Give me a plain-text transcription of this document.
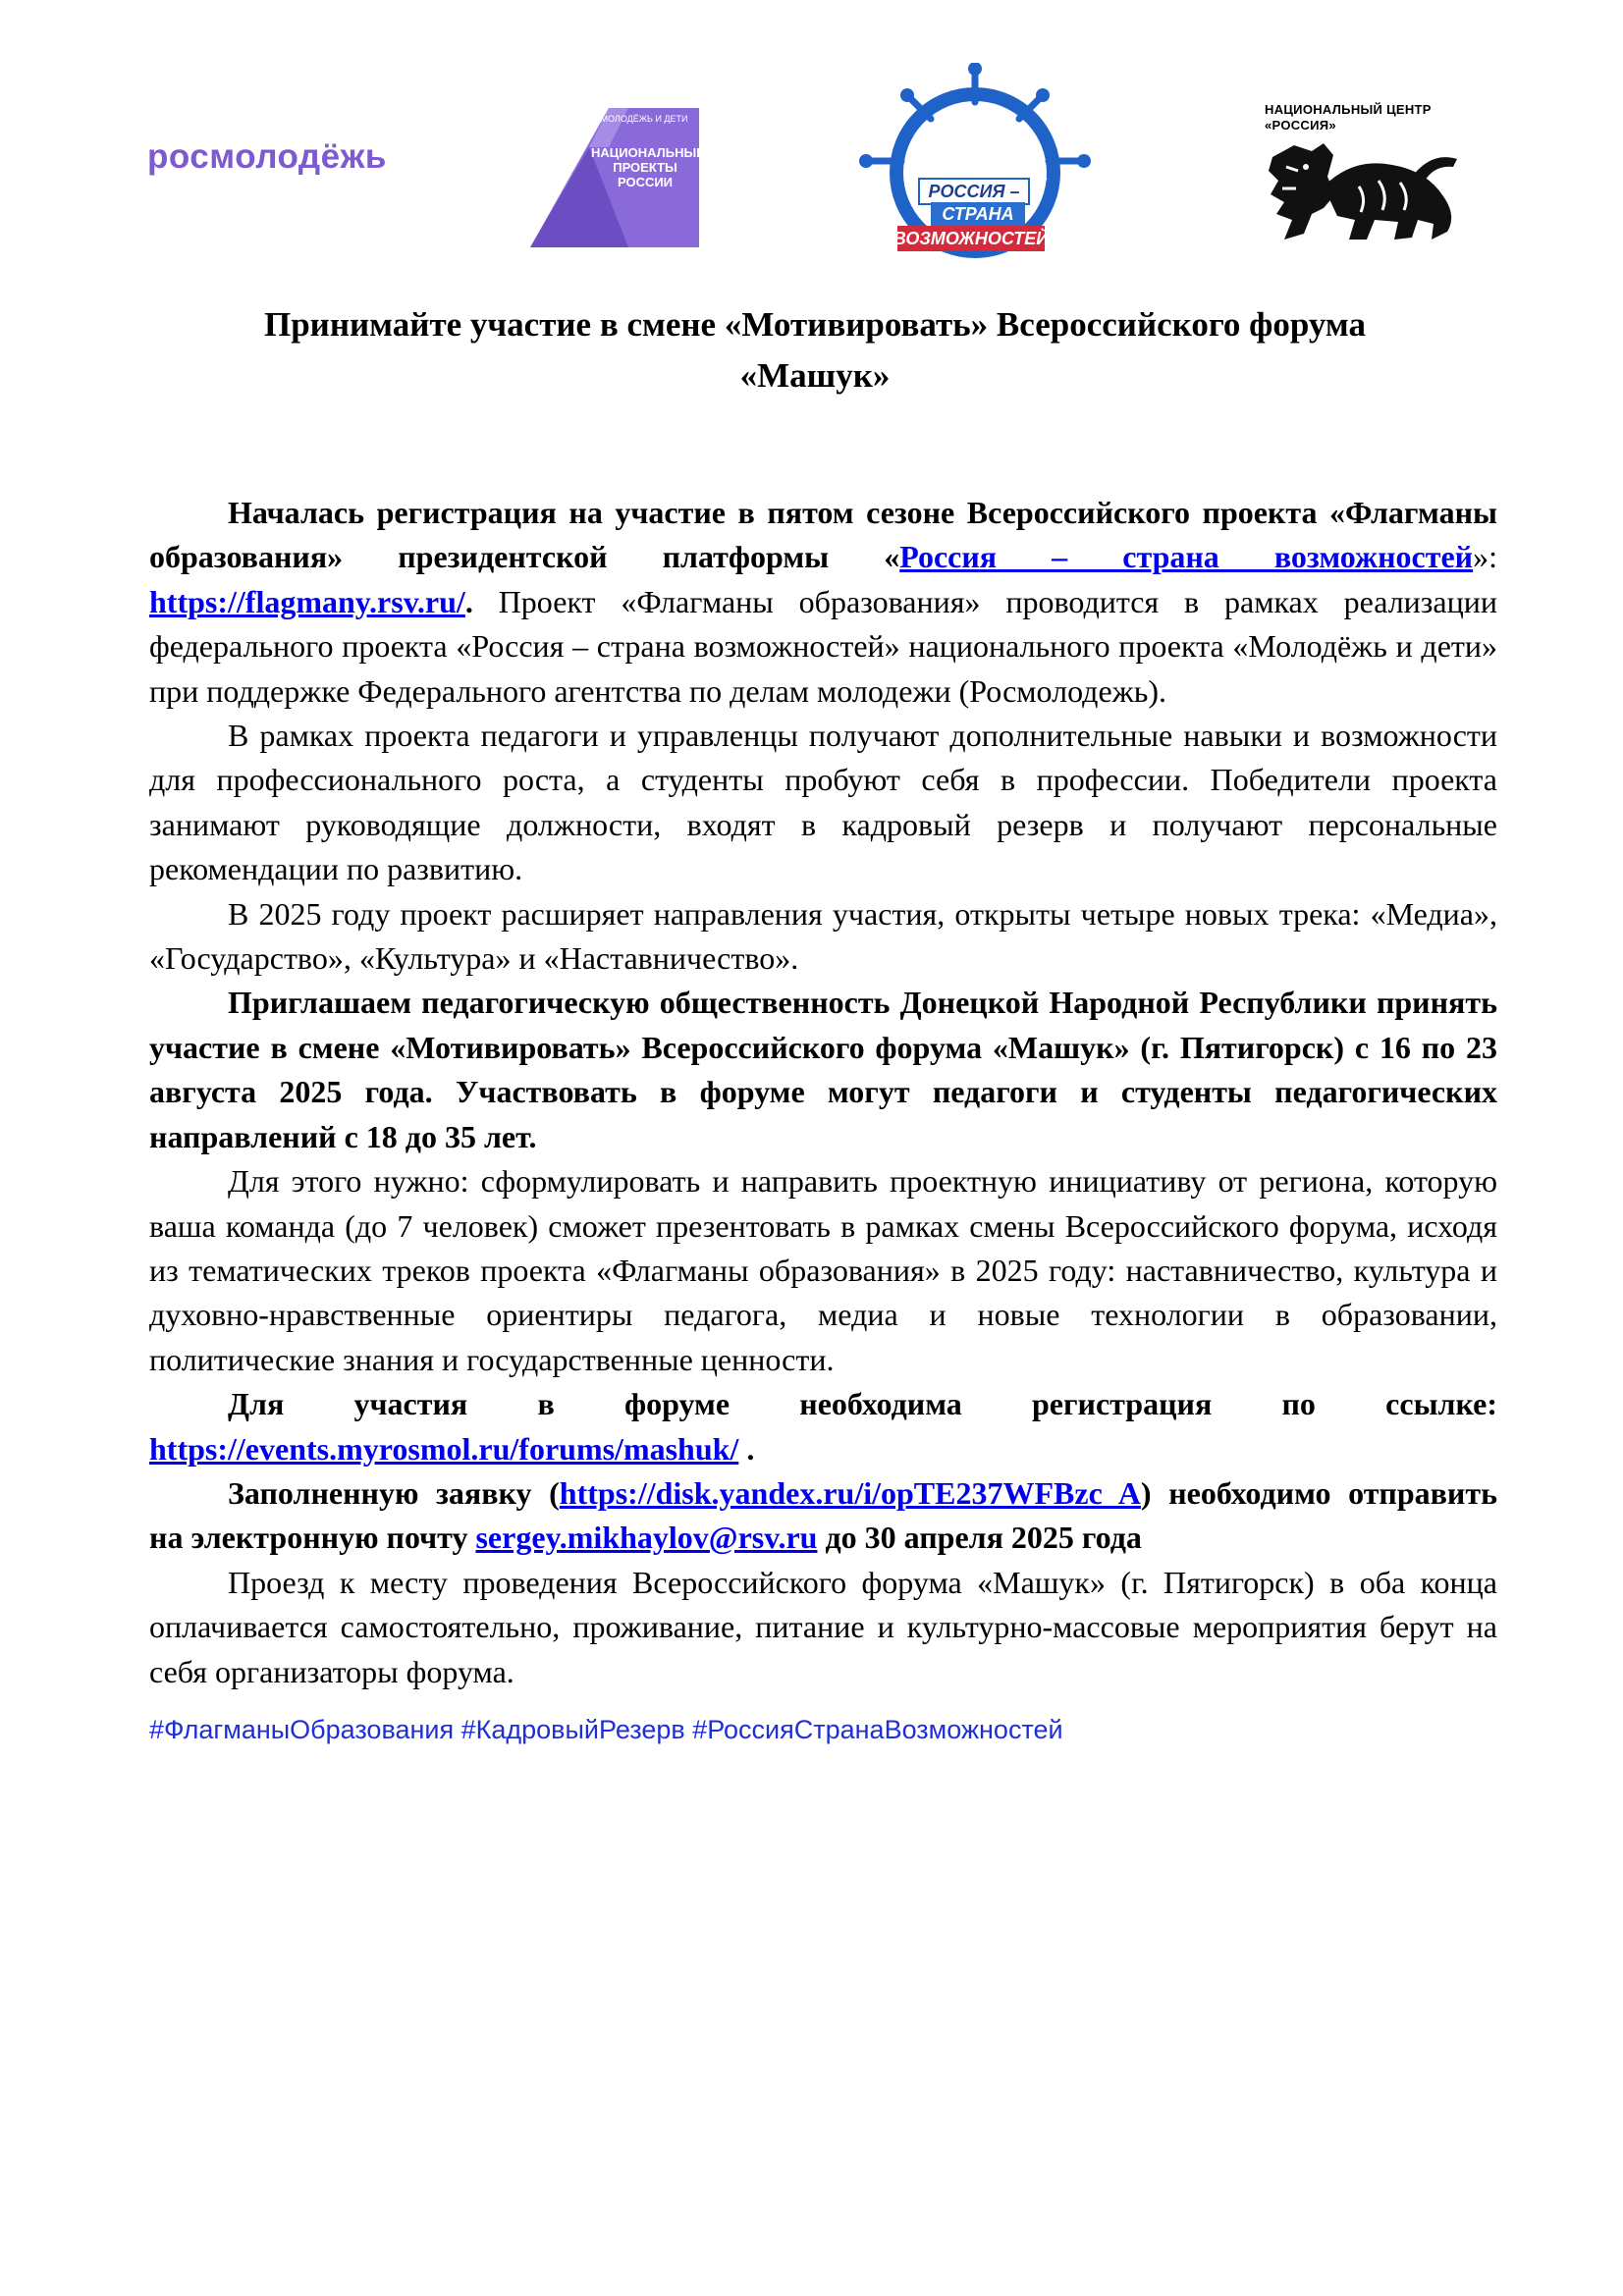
росмолодёжь
МОЛОДЁЖЬ И ДЕТИ
НАЦИОНАЛЬНЫЕ
ПРОЕКТЫ
РОССИИ	АГМАНЫ ОБРАЗОВАН
РОССИЯ –
СТРАНА
ВОЗМОЖНОСТЕЙ
НАЦИОНАЛЬНЫЙ ЦЕНТР
«РОССИЯ»
Принимайте участие в смене «Мотивировать» Всероссийского форума «Машук»

Началась регистрация на участие в пятом сезоне Всероссийского проекта «Флагманы образования» президентской платформы «Россия – страна возможностей»: https://flagmany.rsv.ru/. Проект «Флагманы образования» проводится в рамках реализации федерального проекта «Россия – страна возможностей» национального проекта «Молодёжь и дети» при поддержке Федерального агентства по делам молодежи (Росмолодежь).

В рамках проекта педагоги и управленцы получают дополнительные навыки и возможности для профессионального роста, а студенты пробуют себя в профессии. Победители проекта занимают руководящие должности, входят в кадровый резерв и получают персональные рекомендации по развитию.

В 2025 году проект расширяет направления участия, открыты четыре новых трека: «Медиа», «Государство», «Культура» и «Наставничество».

Приглашаем педагогическую общественность Донецкой Народной Республики принять участие в смене «Мотивировать» Всероссийского форума «Машук» (г. Пятигорск) с 16 по 23 августа 2025 года. Участвовать в форуме могут педагоги и студенты педагогических направлений с 18 до 35 лет.

Для этого нужно: сформулировать и направить проектную инициативу от региона, которую ваша команда (до 7 человек) сможет презентовать в рамках смены Всероссийского форума, исходя из тематических треков проекта «Флагманы образования» в 2025 году: наставничество, культура и духовно-нравственные ориентиры педагога, медиа и новые технологии в образовании, политические знания и государственные ценности.

Для участия в форуме необходима регистрация по ссылке: https://events.myrosmol.ru/forums/mashuk/ .

Заполненную заявку (https://disk.yandex.ru/i/opTE237WFBzc_A) необходимо отправить на электронную почту sergey.mikhaylov@rsv.ru до 30 апреля 2025 года

Проезд к месту проведения Всероссийского форума «Машук» (г. Пятигорск) в оба конца оплачивается самостоятельно, проживание, питание и культурно-массовые мероприятия берут на себя организаторы форума.

#ФлагманыОбразования #КадровыйРезерв #РоссияСтранаВозможностей
